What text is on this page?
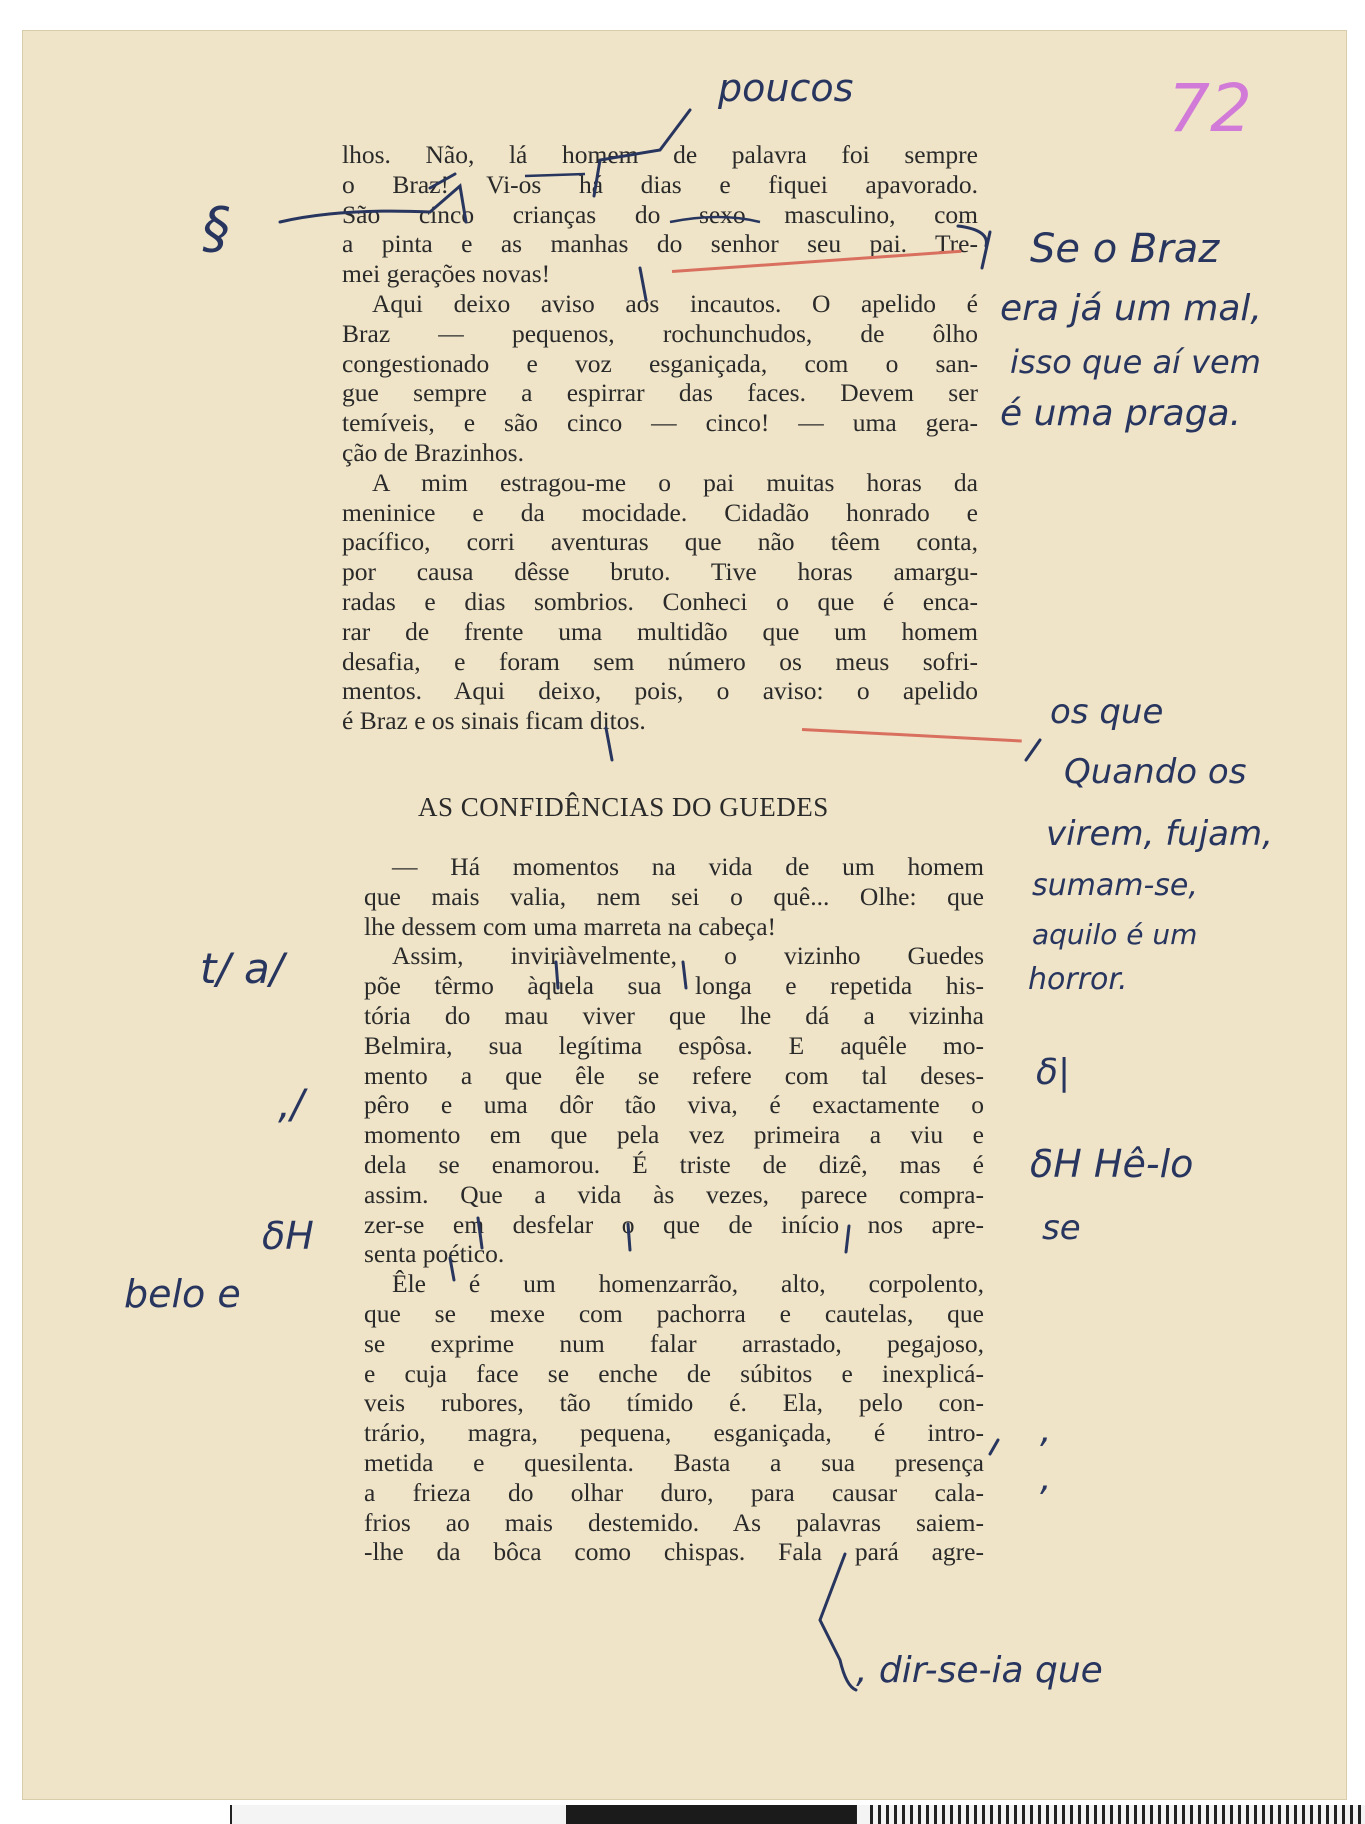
72
lhos. Não, lá homem de palavra foi sempre
o Braz! Vi-os há dias e fiquei apavorado.
São cinco crianças do sexo masculino, com
a pinta e as manhas do senhor seu pai. Tre-
mei gerações novas!
Aqui deixo aviso aos incautos. O apelido é
Braz — pequenos, rochunchudos, de ôlho
congestionado e voz esganiçada, com o san-
gue sempre a espirrar das faces. Devem ser
temíveis, e são cinco — cinco! — uma gera-
ção de Brazinhos.
A mim estragou-me o pai muitas horas da
meninice e da mocidade. Cidadão honrado e
pacífico, corri aventuras que não têem conta,
por causa dêsse bruto. Tive horas amargu-
radas e dias sombrios. Conheci o que é enca-
rar de frente uma multidão que um homem
desafia, e foram sem número os meus sofri-
mentos. Aqui deixo, pois, o aviso: o apelido
é Braz e os sinais ficam ditos.
AS CONFIDÊNCIAS DO GUEDES
— Há momentos na vida de um homem
que mais valia, nem sei o quê... Olhe: que
lhe dessem com uma marreta na cabeça!
Assim, inviriàvelmente, o vizinho Guedes
põe têrmo àquela sua longa e repetida his-
tória do mau viver que lhe dá a vizinha
Belmira, sua legítima espôsa. E aquêle mo-
mento a que êle se refere com tal deses-
pêro e uma dôr tão viva, é exactamente o
momento em que pela vez primeira a viu e
dela se enamorou. É triste de dizê, mas é
assim. Que a vida às vezes, parece compra-
zer-se em desfelar o que de início nos apre-
senta poético.
Êle é um homenzarrão, alto, corpolento,
que se mexe com pachorra e cautelas, que
se exprime num falar arrastado, pegajoso,
e cuja face se enche de súbitos e inexplicá-
veis rubores, tão tímido é. Ela, pelo con-
trário, magra, pequena, esganiçada, é intro-
metida e quesilenta. Basta a sua presença
a frieza do olhar duro, para causar cala-
frios ao mais destemido. As palavras saiem-
-lhe da bôca como chispas. Fala pará agre-
poucos
§	Se o Braz
era já um mal,
isso que aí vem
é uma praga.
os que
Quando os
virem, fujam,
sumam-se,
aquilo é um
horror.
δ|
δH Hê-lo
se
,
,
t/ a/
,/
δH
belo e
, dir-se-ia que
